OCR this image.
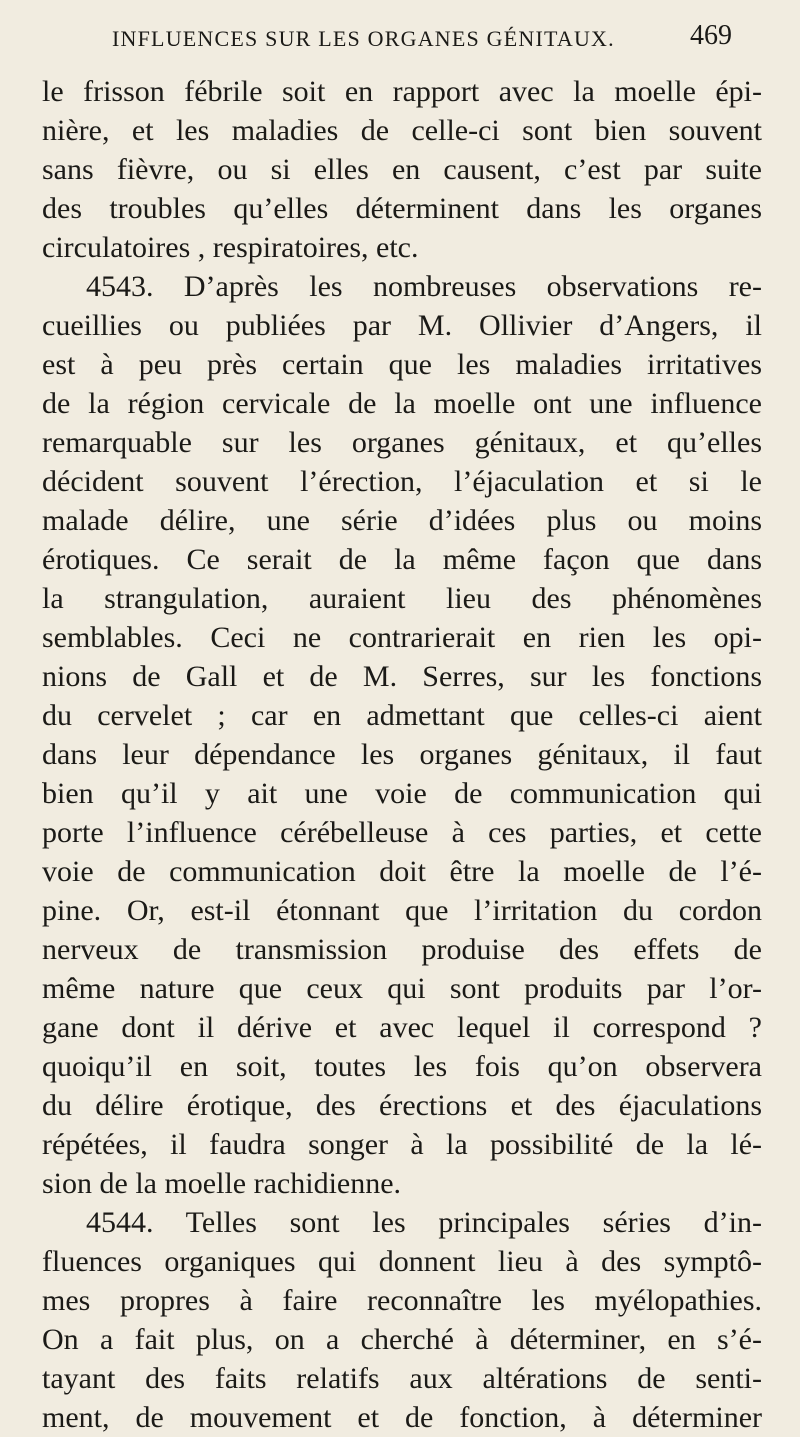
INFLUENCES SUR LES ORGANES GÉNITAUX.	469
le frisson fébrile soit en rapport avec la moelle épi-
nière, et les maladies de celle-ci sont bien souvent
sans fièvre, ou si elles en causent, c’est par suite
des troubles qu’elles déterminent dans les organes
circulatoires , respiratoires, etc.
4543. D’après les nombreuses observations re-
cueillies ou publiées par M. Ollivier d’Angers, il
est à peu près certain que les maladies irritatives
de la région cervicale de la moelle ont une influence
remarquable sur les organes génitaux, et qu’elles
décident souvent l’érection, l’éjaculation et si le
malade délire, une série d’idées plus ou moins
érotiques. Ce serait de la même façon que dans
la strangulation, auraient lieu des phénomènes
semblables. Ceci ne contrarierait en rien les opi-
nions de Gall et de M. Serres, sur les fonctions
du cervelet ; car en admettant que celles-ci aient
dans leur dépendance les organes génitaux, il faut
bien qu’il y ait une voie de communication qui
porte l’influence cérébelleuse à ces parties, et cette
voie de communication doit être la moelle de l’é-
pine. Or, est-il étonnant que l’irritation du cordon
nerveux de transmission produise des effets de
même nature que ceux qui sont produits par l’or-
gane dont il dérive et avec lequel il correspond ?
quoiqu’il en soit, toutes les fois qu’on observera
du délire érotique, des érections et des éjaculations
répétées, il faudra songer à la possibilité de la lé-
sion de la moelle rachidienne.
4544. Telles sont les principales séries d’in-
fluences organiques qui donnent lieu à des symptô-
mes propres à faire reconnaître les myélopathies.
On a fait plus, on a cherché à déterminer, en s’é-
tayant des faits relatifs aux altérations de senti-
ment, de mouvement et de fonction, à déterminer
